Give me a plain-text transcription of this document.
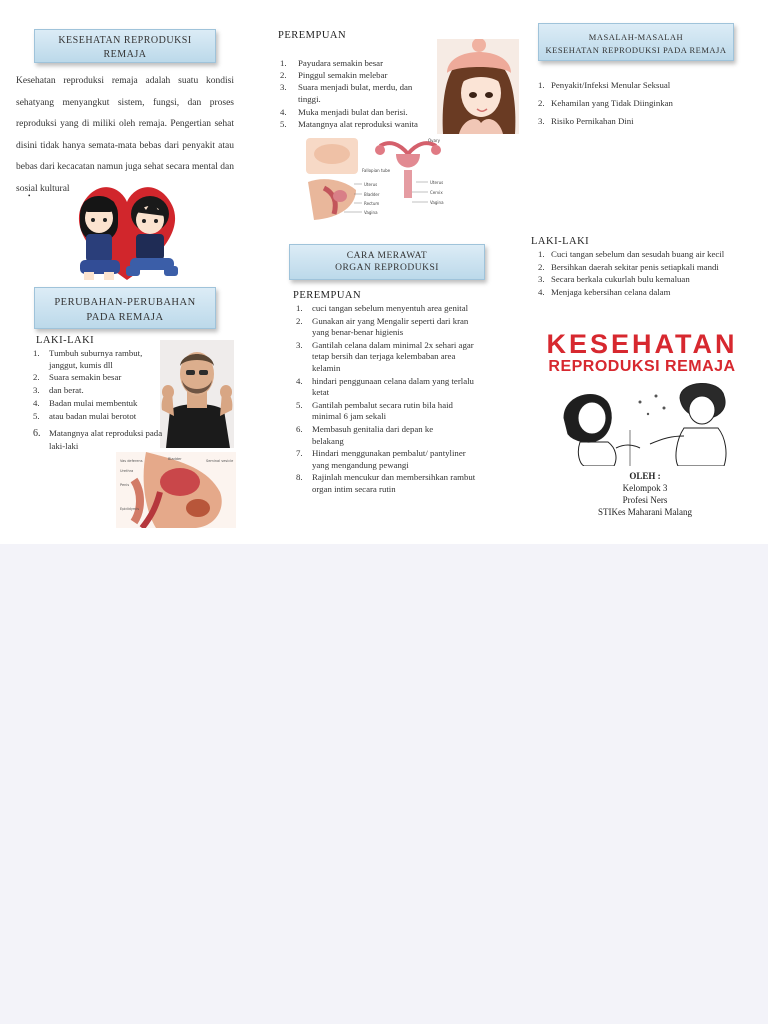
KESEHATAN REPRODUKSI
REMAJA
Kesehatan reproduksi remaja adalah suatu kondisi sehatyang menyangkut sistem, fungsi, dan proses reproduksi yang di miliki oleh remaja. Pengertian sehat disini tidak hanya semata-mata bebas dari penyakit atau bebas dari kecacatan namun juga sehat secara mental dan sosial kultural
•
PERUBAHAN-PERUBAHAN
PADA REMAJA
LAKI-LAKI
1. Tumbuh suburnya rambut, janggut, kumis dll
2. Suara semakin besar
3. dan berat.
4. Badan mulai membentuk
5. atau badan mulai berotot
6. Matangnya alat reproduksi pada laki-laki
Vas deferens
Urethra
Penis
Epididymis
Bladder	Seminal vesicle
PEREMPUAN
1. Payudara semakin besar
2. Pinggul semakin melebar
3. Suara menjadi bulat, merdu, dan tinggi.
4. Muka menjadi bulat dan berisi.
5. Matangnya alat reproduksi wanita
Ovary
Fallopian tube
Uterus
Bladder
Rectum
Vagina
Uterus
Cervix
Vagina
CARA MERAWAT
ORGAN REPRODUKSI
PEREMPUAN
1. cuci tangan sebelum menyentuh area genital
2. Gunakan air yang Mengalir seperti dari kran yang benar-benar higienis
3. Gantilah celana dalam minimal 2x sehari agar tetap bersih dan terjaga kelembaban area kelamin
4. hindari penggunaan celana dalam yang terlalu ketat
5. Gantilah pembalut secara rutin bila haid minimal 6 jam sekali
6. Membasuh genitalia dari depan ke belakang
7. Hindari menggunakan pembalut/ pantyliner yang mengandung pewangi
8. Rajinlah mencukur dan membersihkan rambut organ intim secara rutin
MASALAH-MASALAH
KESEHATAN REPRODUKSI PADA REMAJA
1. Penyakit/Infeksi Menular Seksual
2. Kehamilan yang Tidak Diinginkan
3. Risiko Pernikahan Dini
LAKI-LAKI
1. Cuci tangan sebelum dan sesudah buang air kecil
2. Bersihkan daerah sekitar penis setiapkali mandi
3. Secara berkala cukurlah bulu kemaluan
4. Menjaga kebersihan celana dalam
KESEHATAN
REPRODUKSI REMAJA
OLEH :
Kelompok 3
Profesi Ners
STIKes Maharani Malang
